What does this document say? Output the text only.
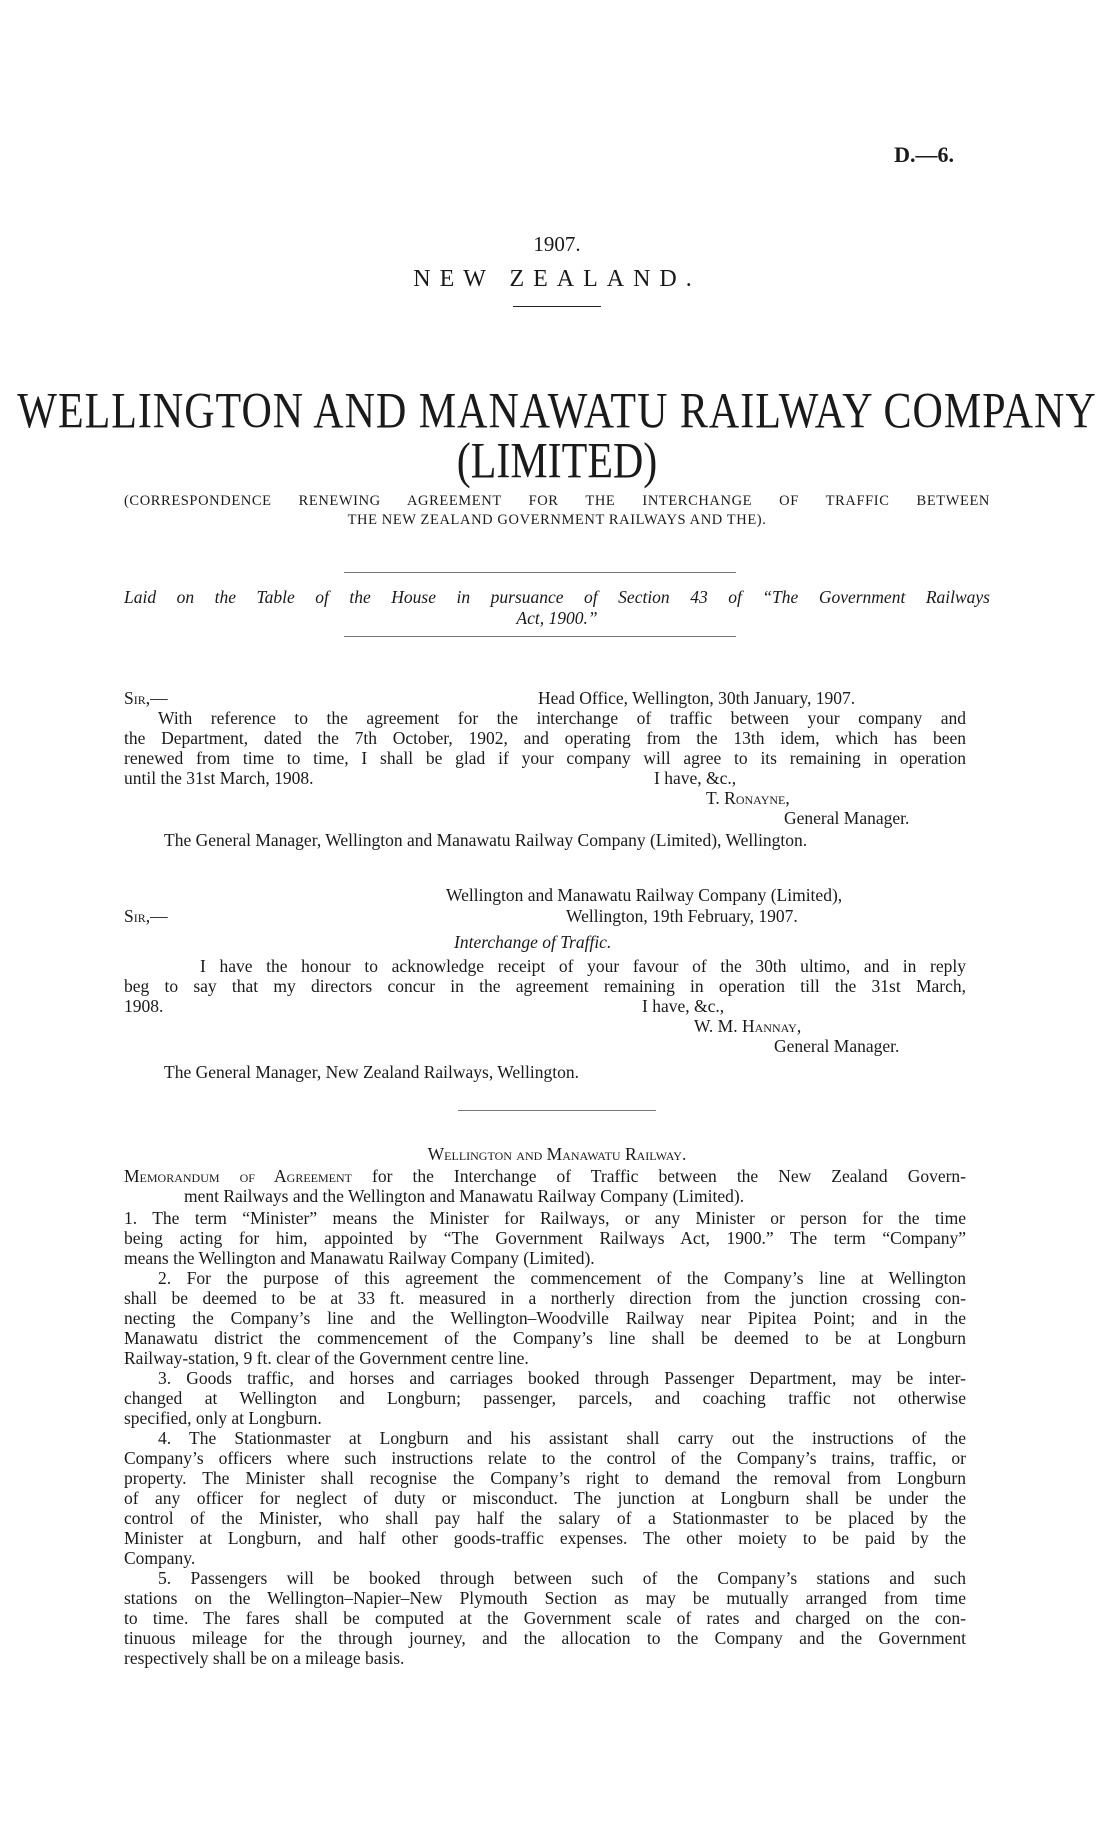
D.—6.
1907.
NEW ZEALAND.
WELLINGTON AND MANAWATU RAILWAY COMPANY
(LIMITED)
(CORRESPONDENCE RENEWING AGREEMENT FOR THE INTERCHANGE OF TRAFFIC BETWEEN
THE NEW ZEALAND GOVERNMENT RAILWAYS AND THE).
Laid on the Table of the House in pursuance of Section 43 of “The Government Railways
Act, 1900.”
Sir,—	Head Office, Wellington, 30th January, 1907.
With reference to the agreement for the interchange of traffic between your company and
the Department, dated the 7th October, 1902, and operating from the 13th idem, which has been
renewed from time to time, I shall be glad if your company will agree to its remaining in operation
until the 31st March, 1908.	I have, &c.,
T. Ronayne,
General Manager.
The General Manager, Wellington and Manawatu Railway Company (Limited), Wellington.
Wellington and Manawatu Railway Company (Limited),
Sir,—	Wellington, 19th February, 1907.
Interchange of Traffic.
I have the honour to acknowledge receipt of your favour of the 30th ultimo, and in reply
beg to say that my directors concur in the agreement remaining in operation till the 31st March,
1908.	I have, &c.,
W. M. Hannay,
General Manager.
The General Manager, New Zealand Railways, Wellington.
Wellington and Manawatu Railway.
Memorandum of Agreement for the Interchange of Traffic between the New Zealand Govern-
ment Railways and the Wellington and Manawatu Railway Company (Limited).
1. The term “Minister” means the Minister for Railways, or any Minister or person for the time
being acting for him, appointed by “The Government Railways Act, 1900.” The term “Company”
means the Wellington and Manawatu Railway Company (Limited).
2. For the purpose of this agreement the commencement of the Company’s line at Wellington
shall be deemed to be at 33 ft. measured in a northerly direction from the junction crossing con-
necting the Company’s line and the Wellington–Woodville Railway near Pipitea Point; and in the
Manawatu district the commencement of the Company’s line shall be deemed to be at Longburn
Railway-station, 9 ft. clear of the Government centre line.
3. Goods traffic, and horses and carriages booked through Passenger Department, may be inter-
changed at Wellington and Longburn; passenger, parcels, and coaching traffic not otherwise
specified, only at Longburn.
4. The Stationmaster at Longburn and his assistant shall carry out the instructions of the
Company’s officers where such instructions relate to the control of the Company’s trains, traffic, or
property. The Minister shall recognise the Company’s right to demand the removal from Longburn
of any officer for neglect of duty or misconduct. The junction at Longburn shall be under the
control of the Minister, who shall pay half the salary of a Stationmaster to be placed by the
Minister at Longburn, and half other goods-traffic expenses. The other moiety to be paid by the
Company.
5. Passengers will be booked through between such of the Company’s stations and such
stations on the Wellington–Napier–New Plymouth Section as may be mutually arranged from time
to time. The fares shall be computed at the Government scale of rates and charged on the con-
tinuous mileage for the through journey, and the allocation to the Company and the Government
respectively shall be on a mileage basis.
